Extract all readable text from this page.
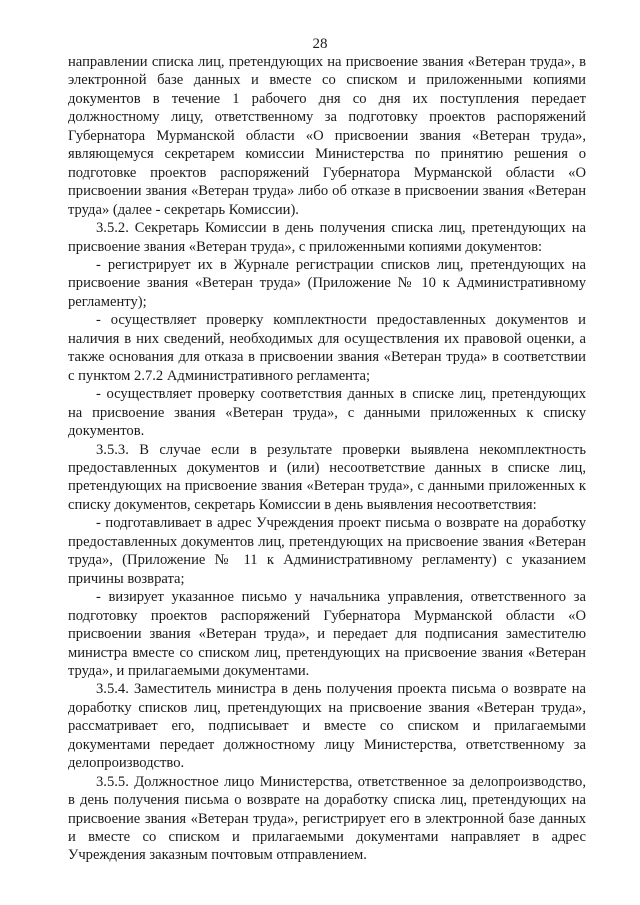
28

направлении списка лиц, претендующих на присвоение звания «Ветеран труда», в электронной базе данных и вместе со списком и приложенными копиями документов в течение 1 рабочего дня со дня их поступления передает должностному лицу, ответственному за подготовку проектов распоряжений Губернатора Мурманской области «О присвоении звания «Ветеран труда», являющемуся секретарем комиссии Министерства по принятию решения о подготовке проектов распоряжений Губернатора Мурманской области «О присвоении звания «Ветеран труда» либо об отказе в присвоении звания «Ветеран труда» (далее - секретарь Комиссии).

3.5.2. Секретарь Комиссии в день получения списка лиц, претендующих на присвоение звания «Ветеран труда», с приложенными копиями документов:

- регистрирует их в Журнале регистрации списков лиц, претендующих на присвоение звания «Ветеран труда» (Приложение № 10 к Административному регламенту);

- осуществляет проверку комплектности предоставленных документов и наличия в них сведений, необходимых для осуществления их правовой оценки, а также основания для отказа в присвоении звания «Ветеран труда» в соответствии с пунктом 2.7.2 Административного регламента;

- осуществляет проверку соответствия данных в списке лиц, претендующих на присвоение звания «Ветеран труда», с данными приложенных к списку документов.

3.5.3. В случае если в результате проверки выявлена некомплектность предоставленных документов и (или) несоответствие данных в списке лиц, претендующих на присвоение звания «Ветеран труда», с данными приложенных к списку документов, секретарь Комиссии в день выявления несоответствия:

- подготавливает в адрес Учреждения проект письма о возврате на доработку предоставленных документов лиц, претендующих на присвоение звания «Ветеран труда», (Приложение № 11 к Административному регламенту) с указанием причины возврата;

- визирует указанное письмо у начальника управления, ответственного за подготовку проектов распоряжений Губернатора Мурманской области «О присвоении звания «Ветеран труда», и передает для подписания заместителю министра вместе со списком лиц, претендующих на присвоение звания «Ветеран труда», и прилагаемыми документами.

3.5.4. Заместитель министра в день получения проекта письма о возврате на доработку списков лиц, претендующих на присвоение звания «Ветеран труда», рассматривает его, подписывает и вместе со списком и прилагаемыми документами передает должностному лицу Министерства, ответственному за делопроизводство.

3.5.5. Должностное лицо Министерства, ответственное за делопроизводство, в день получения письма о возврате на доработку списка лиц, претендующих на присвоение звания «Ветеран труда», регистрирует его в электронной базе данных и вместе со списком и прилагаемыми документами направляет в адрес Учреждения заказным почтовым отправлением.
